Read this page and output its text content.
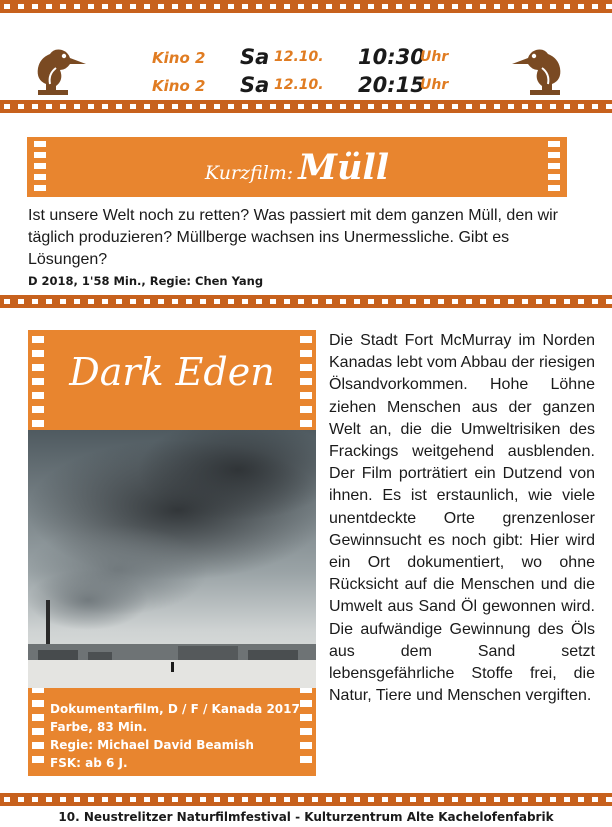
Kino 2	Sa 12.10. 10:30
Uhr
Kino 2	Sa 12.10. 20:15
Uhr
Kurzfilm: Müll
Ist unsere Welt noch zu retten? Was passiert mit dem ganzen Müll, den wir täglich produzieren? Müllberge wachsen ins Unermessliche. Gibt es Lösungen?
D 2018, 1'58 Min., Regie: Chen Yang
Dark Eden
Dokumentarfilm, D / F / Kanada 2017
Farbe, 83 Min.
Regie: Michael David Beamish
FSK: ab 6 J.
Die Stadt Fort McMurray im Norden Kanadas lebt vom Abbau der riesigen Ölsandvorkommen. Hohe Löhne ziehen Menschen aus der ganzen Welt an, die die Umweltrisiken des Frackings weitgehend ausblenden. Der Film porträtiert ein Dutzend von ihnen. Es ist erstaunlich, wie viele unentdeckte Orte grenzenloser Gewinnsucht es noch gibt: Hier wird ein Ort dokumentiert, wo ohne Rücksicht auf die Menschen und die Umwelt aus Sand Öl gewonnen wird. Die aufwändige Gewinnung des Öls aus dem Sand setzt lebensgefährliche Stoffe frei, die Natur, Tiere und Menschen vergiften.
10. Neustrelitzer Naturfilmfestival - Kulturzentrum Alte Kachelofenfabrik
